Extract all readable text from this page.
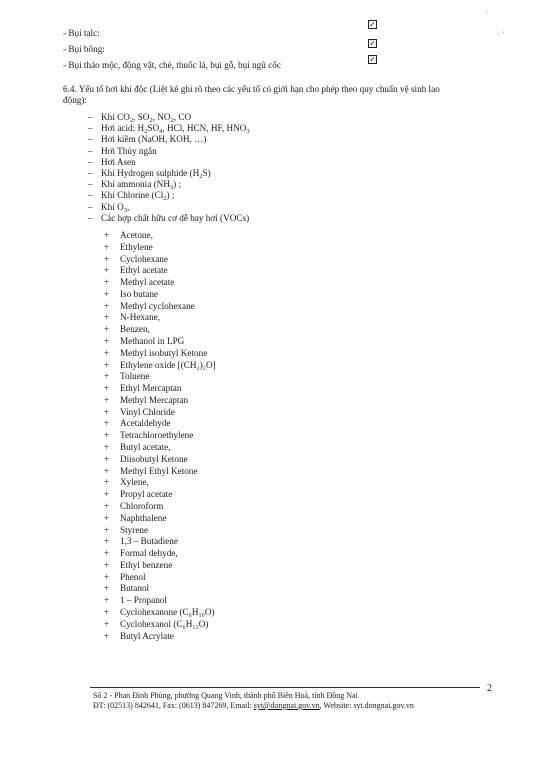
'
· ʼ
- Bụi talc:
✓
- Bụi bông:
✓
- Bụi thảo mộc, động vật, chè, thuốc lá, bụi gỗ, bụi ngũ cốc
✓
6.4. Yếu tố hơi khí độc (Liệt kê ghi rõ theo các yếu tố có giới hạn cho phép theo quy chuẩn vệ sinh lao
động):
– Khí $CO_2$, $SO_2$, $NO_2$, CO
– Hơi acid: $H_2SO_4$, HCl, HCN, HF, $HNO_3$
– Hơi kiềm (NaOH, KOH, …)
– Hơi Thủy ngân
– Hơi Asen
– Khí Hydrogen sulphide $(H_2S)$
– Khí ammonia $(NH_3)$ ;
– Khí Chlorine $(Cl_2)$ ;
– Khí $O_3$,
– Các hợp chất hữu cơ dễ bay hơi (VOCs)
+ Acetone,
+ Ethylene
+ Cyclohexane
+ Ethyl acetate
+ Methyl acetate
+ Iso butane
+ Methyl cyclohexane
+ N-Hexane,
+ Benzen,
+ Methanol in LPG
+ Methyl isobutyl Ketone
+ Ethylene oxide [(CH₂)₂O]
+ Toluene
+ Ethyl Mercaptan
+ Methyl Mercaptan
+ Vinyl Chloride
+ Acetaldehyde
+ Tetrachloroethylene
+ Butyl acetate,
+ Diisobutyl Ketone
+ Methyl Ethyl Ketone
+ Xylene,
+ Propyl acetate
+ Chloroform
+ Naphthalene
+ Styrene
+ 1,3 – Butadiene
+ Formal dehyde,
+ Ethyl benzene
+ Phenol
+ Butanol
+ 1 – Propanol
+ Cyclohexanone (C₆H₁₀O)
+ Cyclohexanol (C₆H₁₂O)
+ Butyl Acrylate
2
Số 2 - Phan Đình Phùng, phường Quang Vinh, thành phố Biên Hoà, tỉnh Đồng Nai
ĐT: (02513) 842641, Fax: (0613) 847269, Email: syt@dongnai.gov.vn, Website: syt.dongnai.gov.vn
